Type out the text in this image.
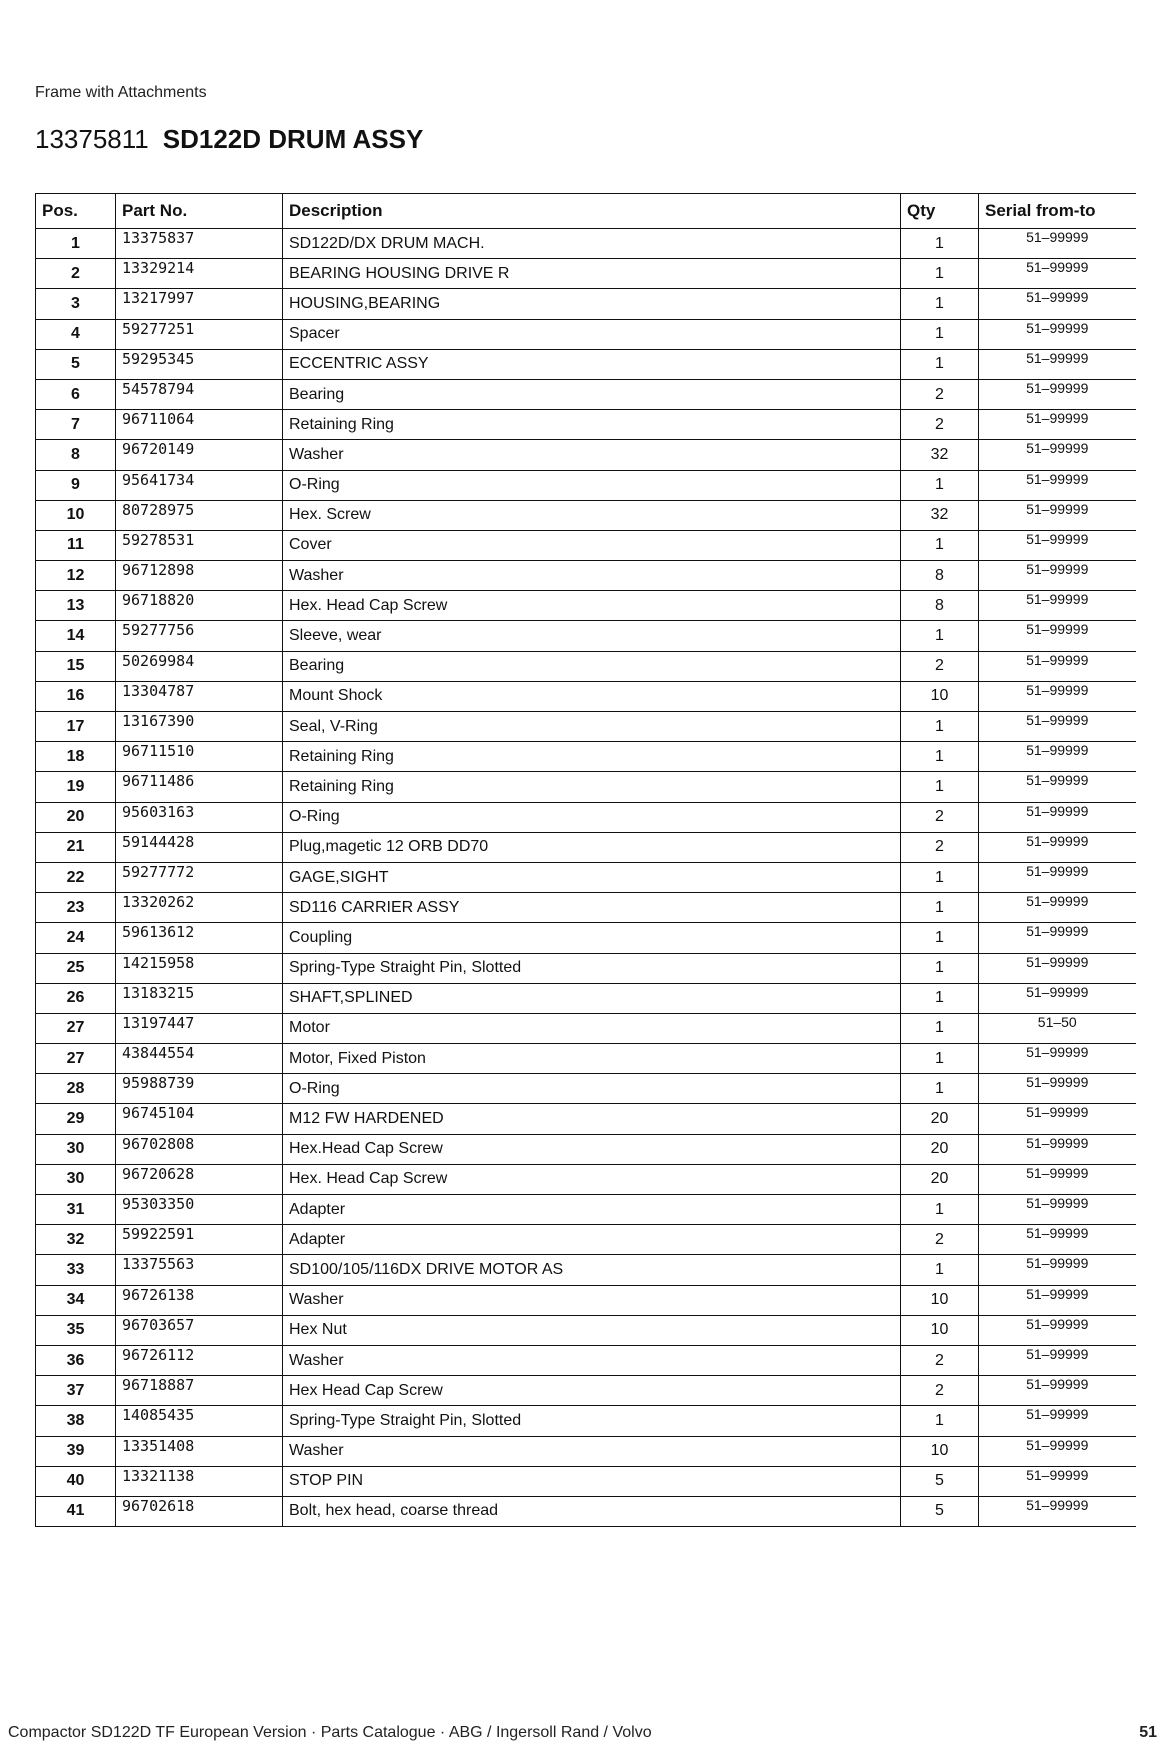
Frame with Attachments
13375811 SD122D DRUM ASSY
Pos.	Part No.	Description	Qty	Serial from-to
1	13375837	SD122D/DX DRUM MACH.	1	51–99999
2	13329214	BEARING HOUSING DRIVE R	1	51–99999
3	13217997	HOUSING,BEARING	1	51–99999
4	59277251	Spacer	1	51–99999
5	59295345	ECCENTRIC ASSY	1	51–99999
6	54578794	Bearing	2	51–99999
7	96711064	Retaining Ring	2	51–99999
8	96720149	Washer	32	51–99999
9	95641734	O-Ring	1	51–99999
10	80728975	Hex. Screw	32	51–99999
11	59278531	Cover	1	51–99999
12	96712898	Washer	8	51–99999
13	96718820	Hex. Head Cap Screw	8	51–99999
14	59277756	Sleeve, wear	1	51–99999
15	50269984	Bearing	2	51–99999
16	13304787	Mount Shock	10	51–99999
17	13167390	Seal, V-Ring	1	51–99999
18	96711510	Retaining Ring	1	51–99999
19	96711486	Retaining Ring	1	51–99999
20	95603163	O-Ring	2	51–99999
21	59144428	Plug,magetic 12 ORB DD70	2	51–99999
22	59277772	GAGE,SIGHT	1	51–99999
23	13320262	SD116 CARRIER ASSY	1	51–99999
24	59613612	Coupling	1	51–99999
25	14215958	Spring-Type Straight Pin, Slotted	1	51–99999
26	13183215	SHAFT,SPLINED	1	51–99999
27	13197447	Motor	1	51–50
27	43844554	Motor, Fixed Piston	1	51–99999
28	95988739	O-Ring	1	51–99999
29	96745104	M12 FW HARDENED	20	51–99999
30	96702808	Hex.Head Cap Screw	20	51–99999
30	96720628	Hex. Head Cap Screw	20	51–99999
31	95303350	Adapter	1	51–99999
32	59922591	Adapter	2	51–99999
33	13375563	SD100/105/116DX DRIVE MOTOR AS	1	51–99999
34	96726138	Washer	10	51–99999
35	96703657	Hex Nut	10	51–99999
36	96726112	Washer	2	51–99999
37	96718887	Hex Head Cap Screw	2	51–99999
38	14085435	Spring-Type Straight Pin, Slotted	1	51–99999
39	13351408	Washer	10	51–99999
40	13321138	STOP PIN	5	51–99999
41	96702618	Bolt, hex head, coarse thread	5	51–99999
Compactor SD122D TF European Version · Parts Catalogue · ABG / Ingersoll Rand / Volvo	51
